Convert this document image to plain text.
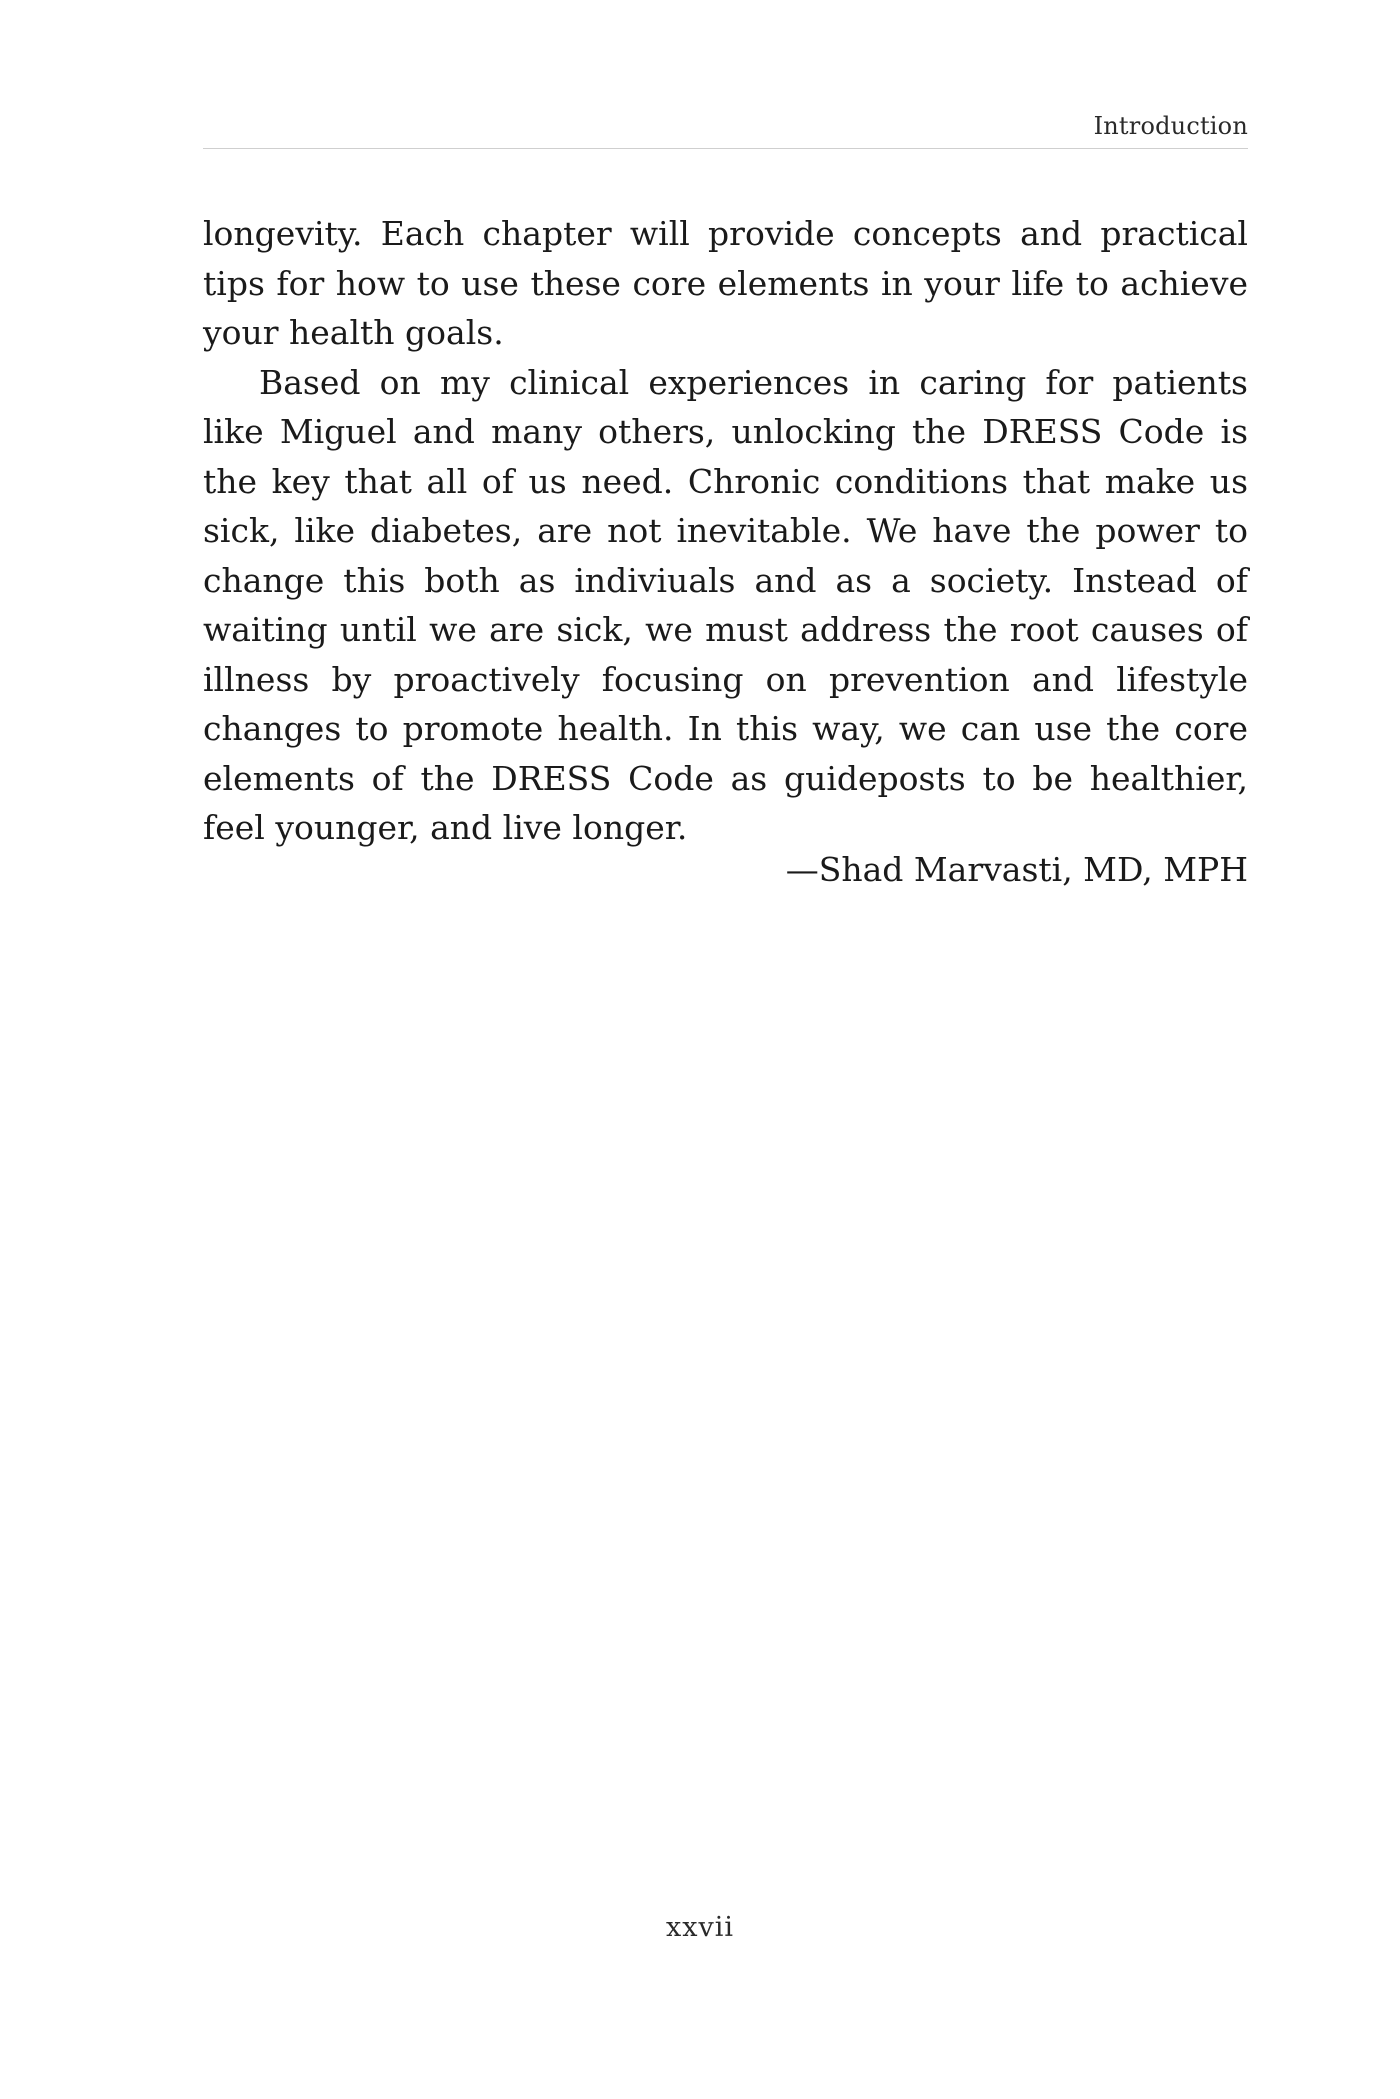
Introduction

longevity. Each chapter will provide concepts and practical tips for how to use these core elements in your life to achieve your health goals.

Based on my clinical experiences in caring for patients like Miguel and many others, unlocking the DRESS Code is the key that all of us need. Chronic conditions that make us sick, like diabetes, are not inevitable. We have the power to change this both as indiviuals and as a society. Instead of waiting until we are sick, we must address the root causes of illness by proactively focusing on prevention and lifestyle changes to promote health. In this way, we can use the core elements of the DRESS Code as guideposts to be healthier, feel younger, and live longer.

—Shad Marvasti, MD, MPH
xxvii
